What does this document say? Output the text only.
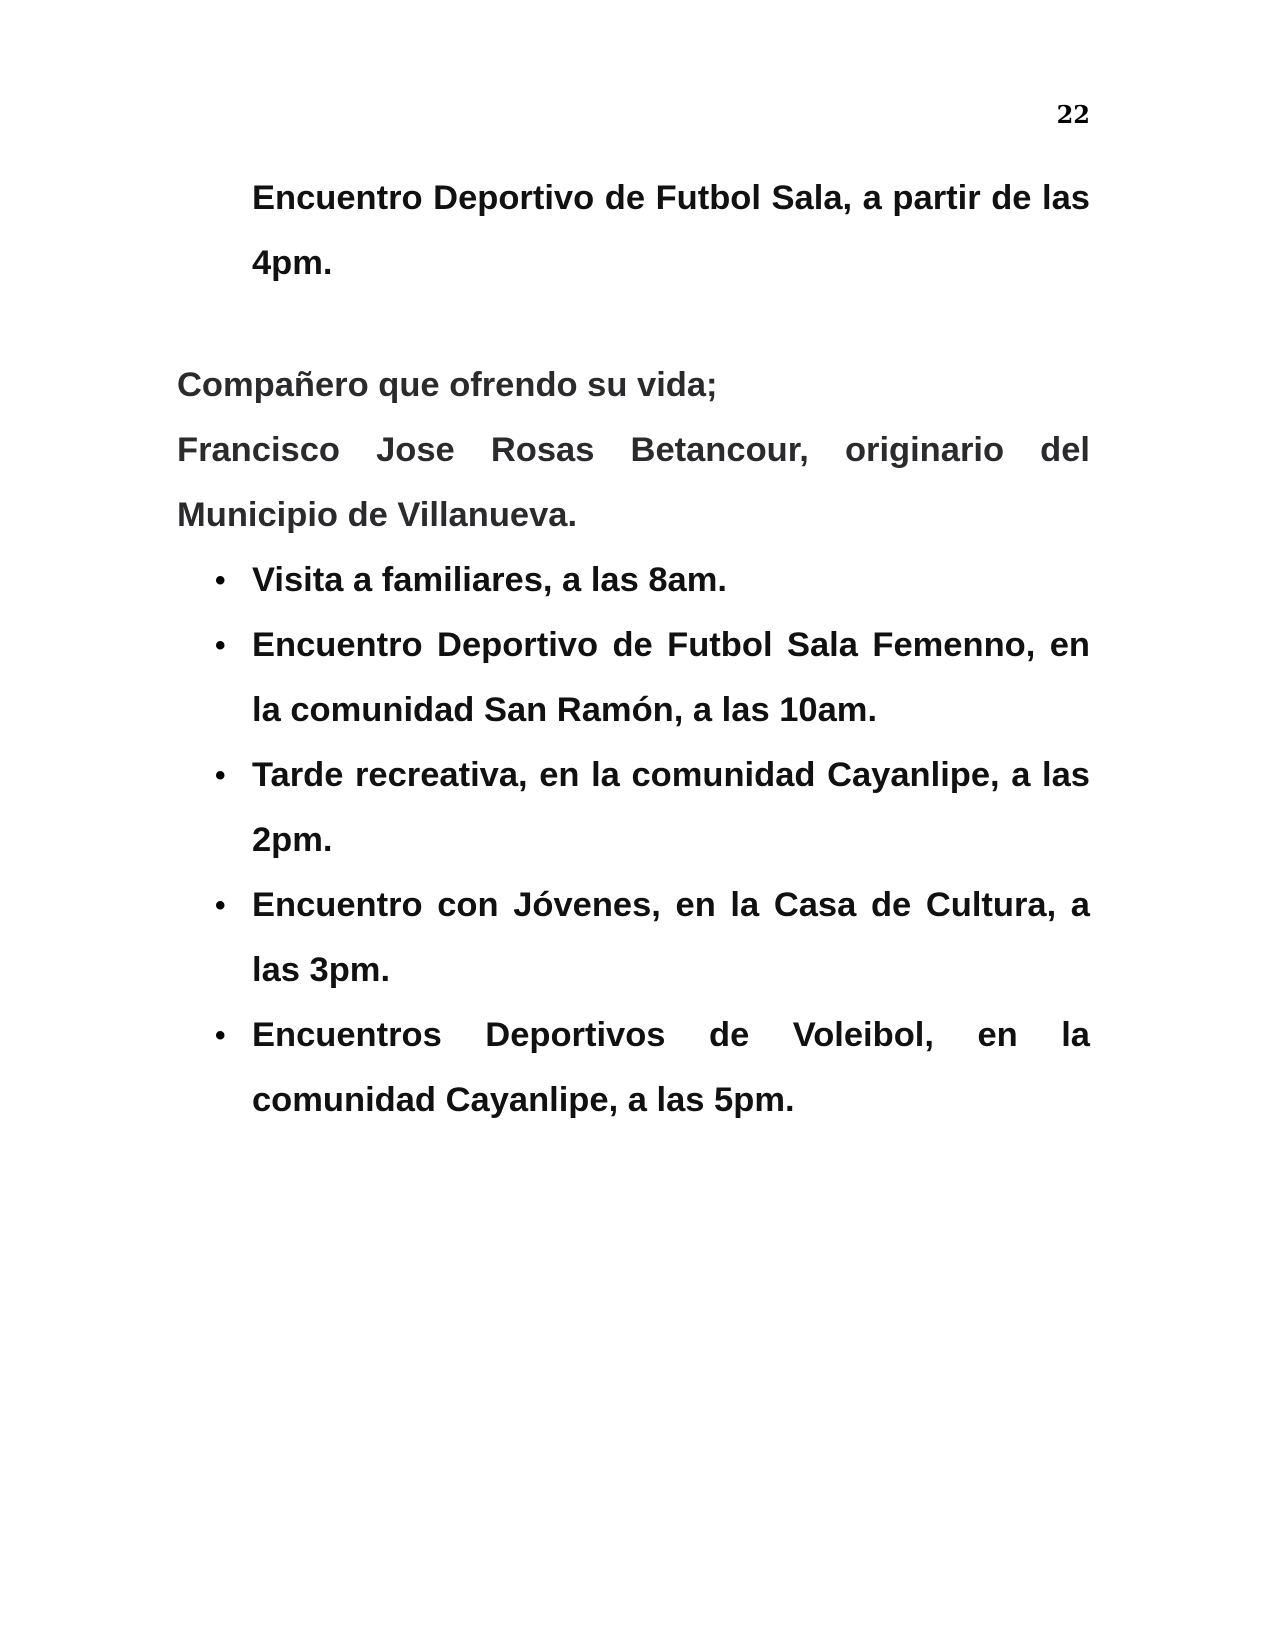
22

Encuentro Deportivo de Futbol Sala, a partir de las 4pm.

Compañero que ofrendo su vida;

Francisco Jose Rosas Betancour, originario del Municipio de Villanueva.

• Visita a familiares, a las 8am.
• Encuentro Deportivo de Futbol Sala Femenno, en la comunidad San Ramón, a las 10am.
• Tarde recreativa, en la comunidad Cayanlipe, a las 2pm.
• Encuentro con Jóvenes, en la Casa de Cultura, a las 3pm.
• Encuentros Deportivos de Voleibol, en la comunidad Cayanlipe, a las 5pm.
